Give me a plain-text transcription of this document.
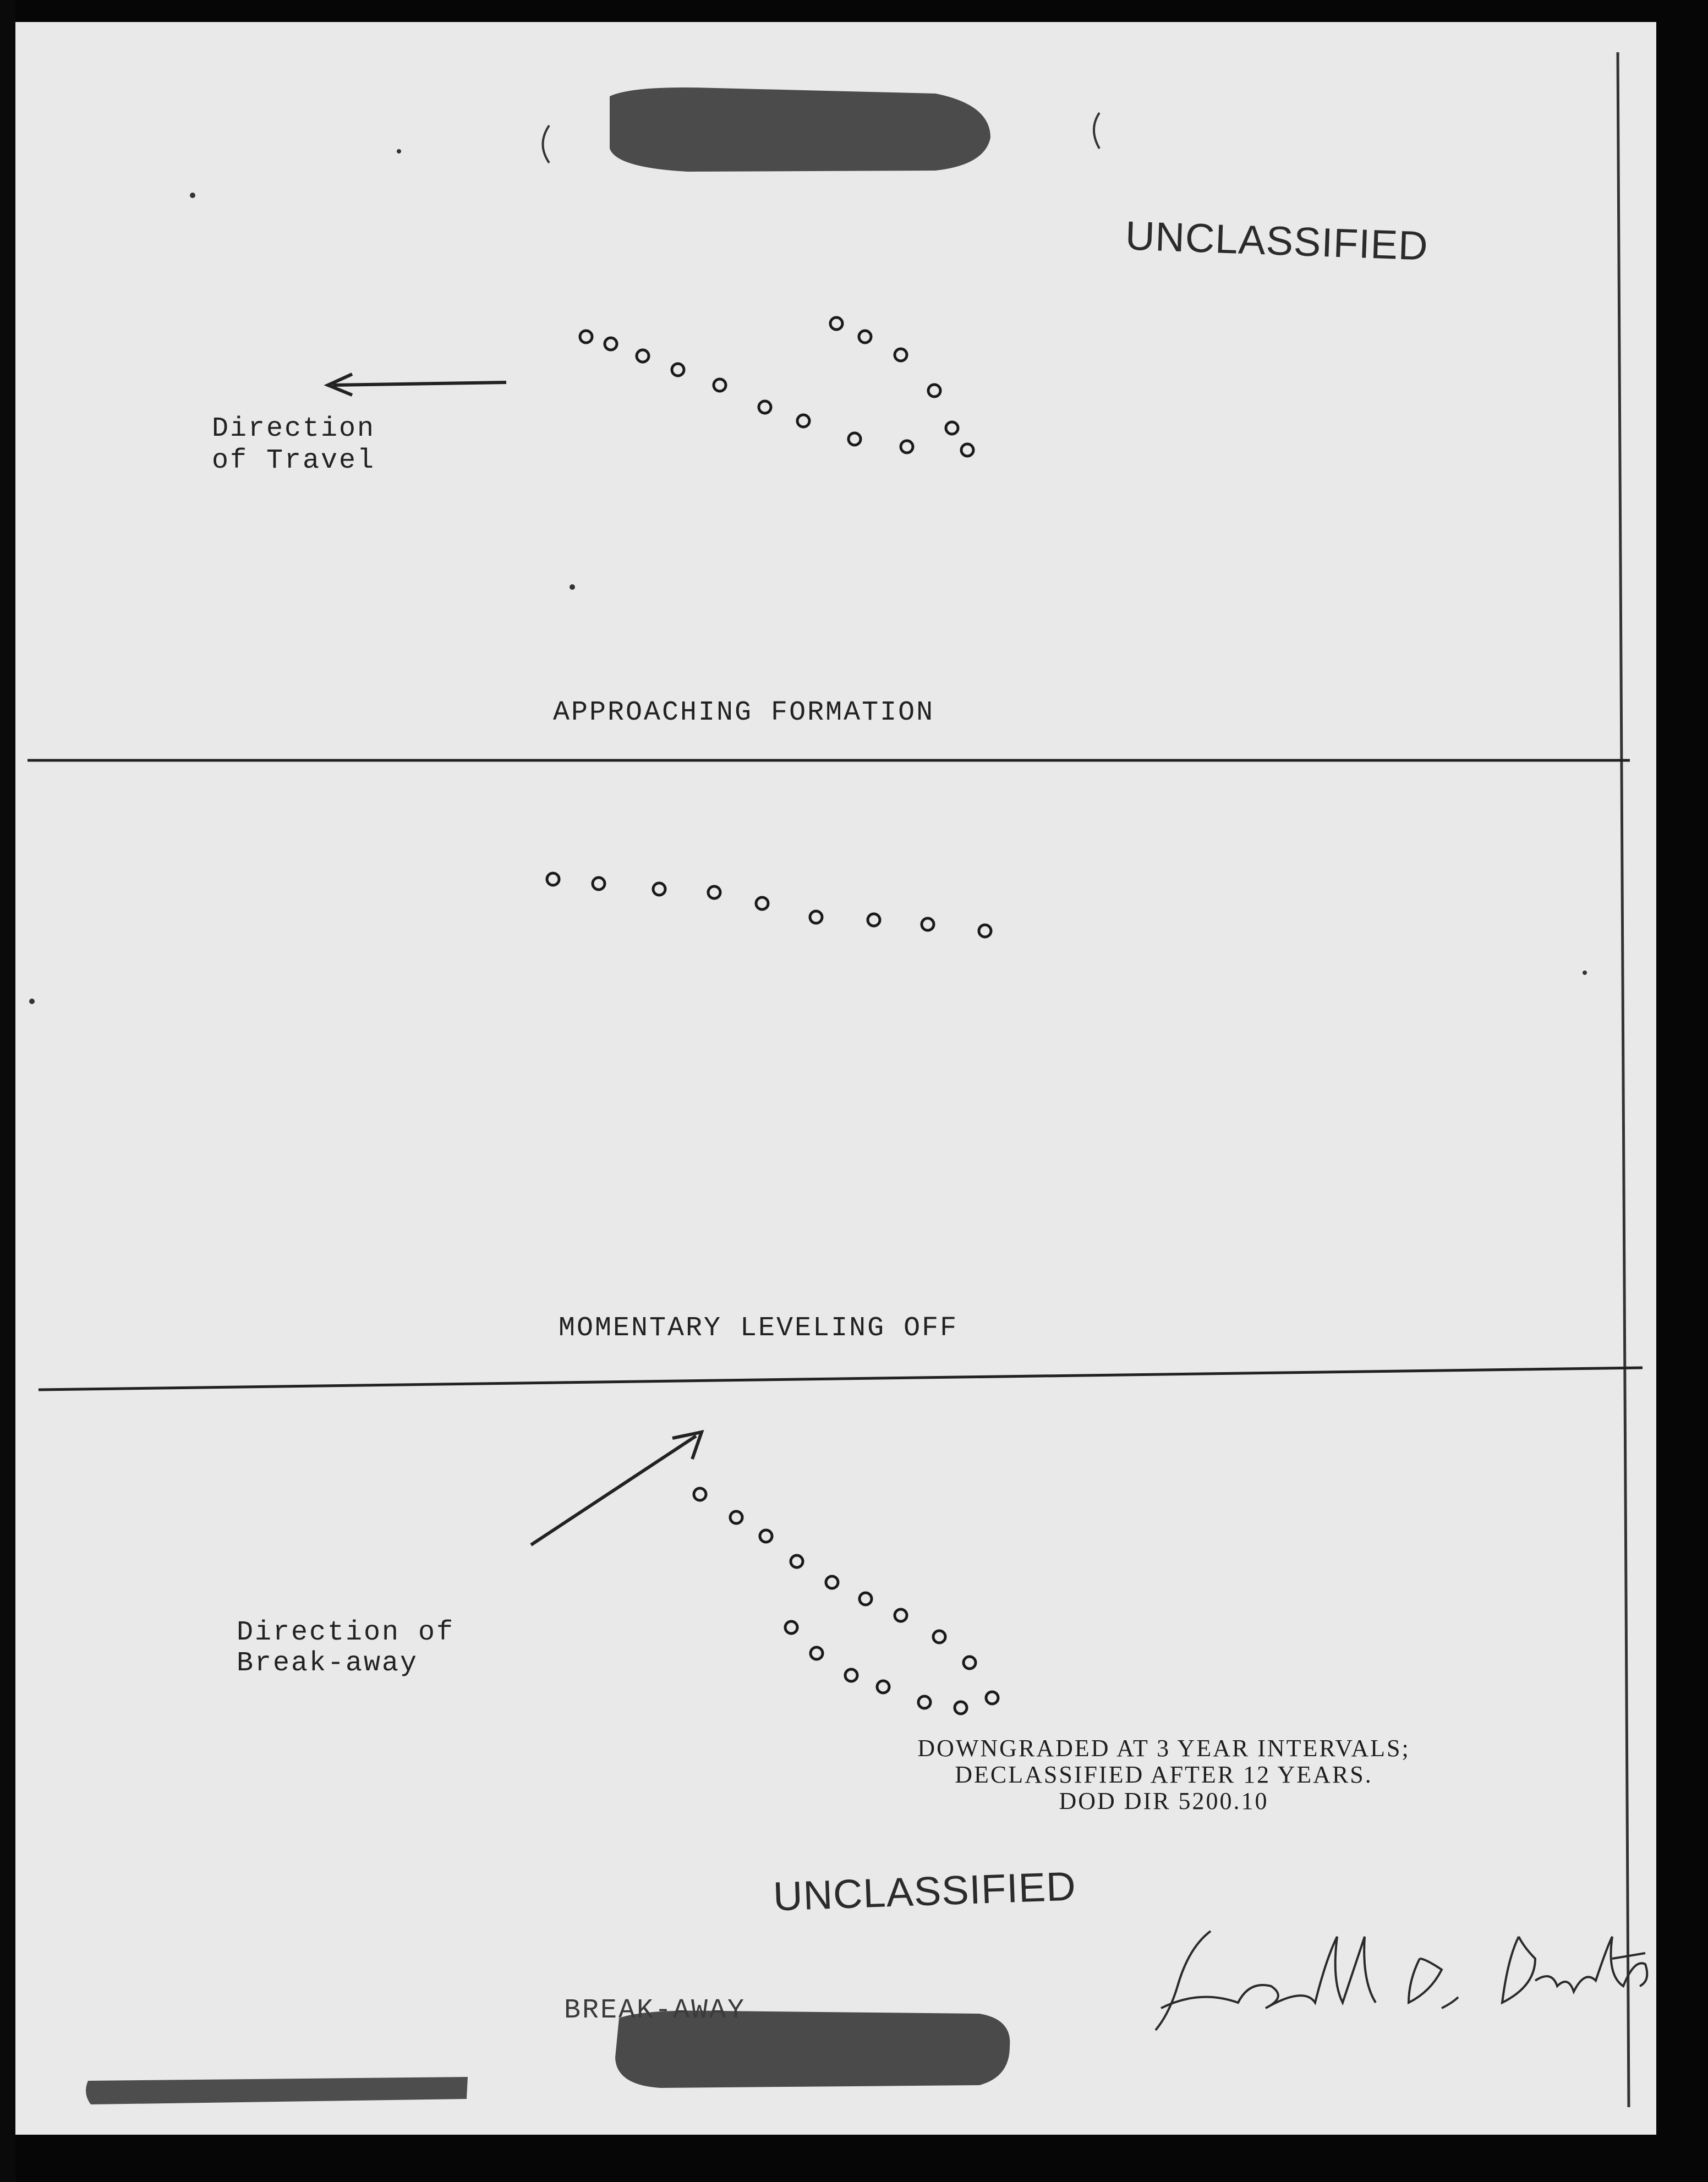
UNCLASSIFIED
Direction
of Travel
APPROACHING FORMATION
MOMENTARY LEVELING OFF
Direction of
Break-away
BREAK-AWAY
DOWNGRADED AT 3 YEAR INTERVALS;
DECLASSIFIED AFTER 12 YEARS.
DOD DIR 5200.10
UNCLASSIFIED
